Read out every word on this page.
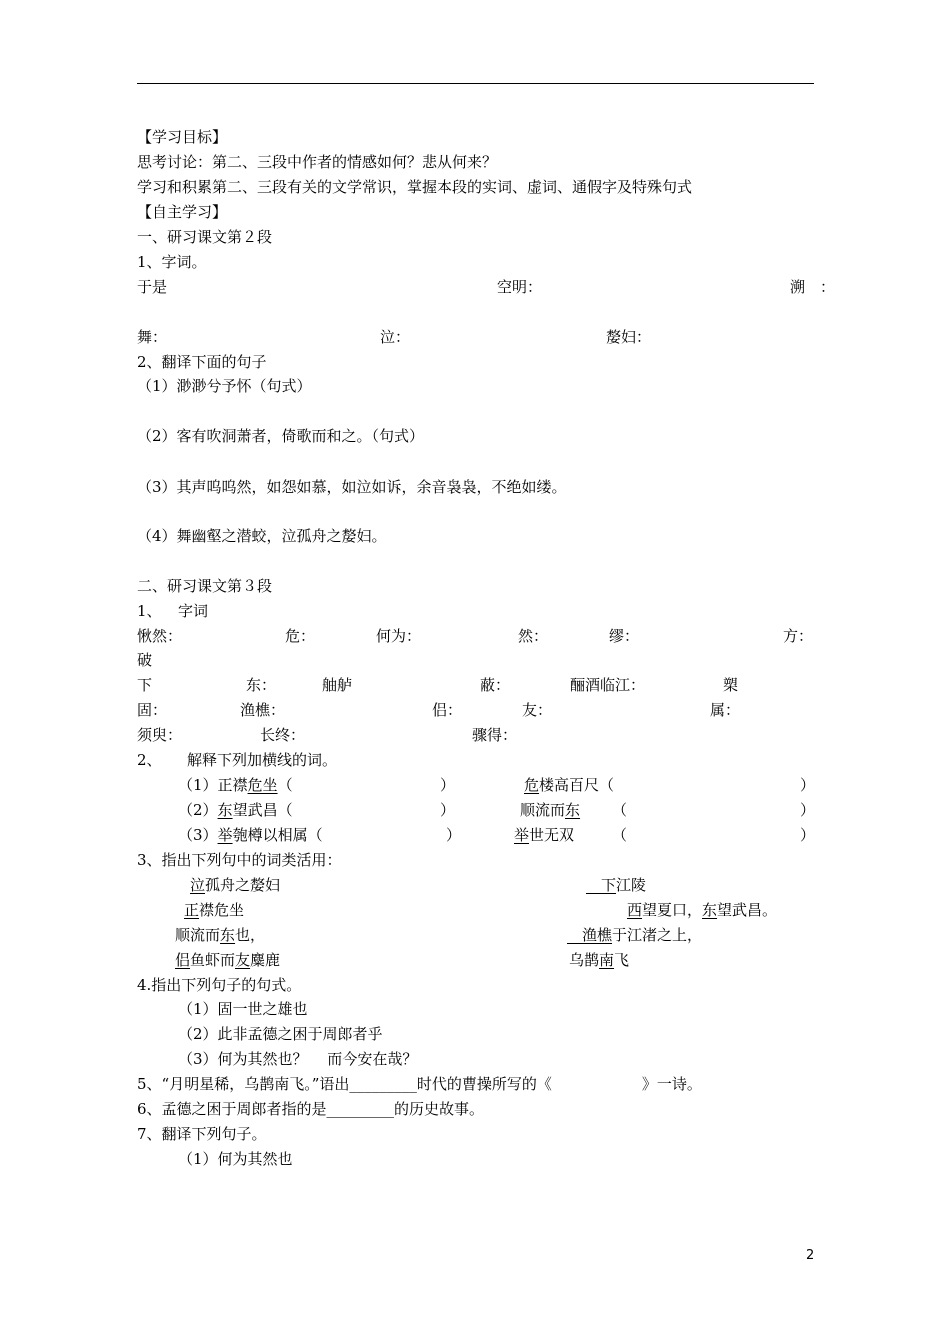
【学习目标】
思考讨论：第二、三段中作者的情感如何？悲从何来？
学习和积累第二、三段有关的文学常识，掌握本段的实词、虚词、通假字及特殊句式
【自主学习】
一、研习课文第２段
1、字词。
于是	空明：	溯　：
舞：	泣：	嫠妇：
2、翻译下面的句子
（1）渺渺兮予怀（句式）
（2）客有吹洞萧者，倚歌而和之。（句式）
（3）其声呜呜然，如怨如慕，如泣如诉，余音袅袅，不绝如缕。
（4）舞幽壑之潜蛟，泣孤舟之嫠妇。
二、研习课文第３段
1、 字词
愀然：	危：	何为：	然：	缪：	方：
破
下	东：	舳舻	蔽：	酾酒临江：	槊
固：	渔樵：	侣：	友：	属：
须臾：	长终：	骤得：
2、 解释下列加横线的词。
（1）正襟危坐（	）	危楼高百尺（	）
（2）东望武昌（	）	顺流而东 （	）
（3）举匏樽以相属（	）	举世无双	（	）
3、指出下列句中的词类活用：
泣孤舟之嫠妇
　	下江陵
正襟危坐	西望夏口，东望武昌。
顺流而东也，
　	渔樵于江渚之上，
侣鱼虾而友麋鹿	乌鹊南飞
4.指出下列句子的句式。
（1）固一世之雄也
（2）此非孟德之困于周郎者乎
（3）何为其然也？　 而今安在哉？
5、“月明星稀，乌鹊南飞。”语出_________时代的曹操所写的《　　　　　　》一诗。
6、孟德之困于周郎者指的是_________的历史故事。
7、翻译下列句子。
（1）何为其然也
2
